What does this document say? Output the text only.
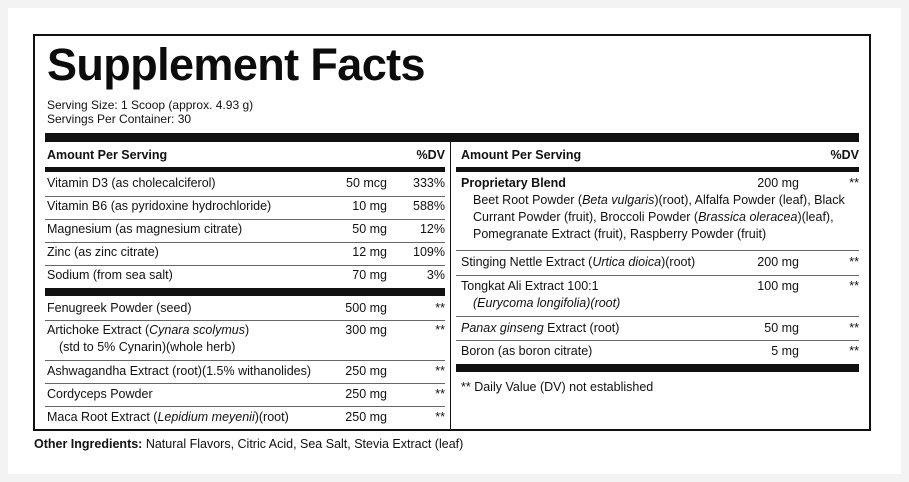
Supplement Facts
Serving Size: 1 Scoop (approx. 4.93 g)
Servings Per Container: 30
Amount Per Serving	%DV
Vitamin D3 (as cholecalciferol)	50 mcg	333%
Vitamin B6 (as pyridoxine hydrochloride)	10 mg	588%
Magnesium (as magnesium citrate)	50 mg	12%
Zinc (as zinc citrate)	12 mg	109%
Sodium (from sea salt)	70 mg	3%
Fenugreek Powder (seed)	500 mg	**
Artichoke Extract (Cynara scolymus)
(std to 5% Cynarin)(whole herb)
300 mg	**
Ashwagandha Extract (root)(1.5% withanolides)	250 mg	**
Cordyceps Powder	250 mg	**
Maca Root Extract (Lepidium meyenii)(root)	250 mg	**
Amount Per Serving	%DV
Proprietary Blend	200 mg	**
Beet Root Powder (Beta vulgaris)(root), Alfalfa Powder (leaf), Black
Currant Powder (fruit), Broccoli Powder (Brassica oleracea)(leaf),
Pomegranate Extract (fruit), Raspberry Powder (fruit)
Stinging Nettle Extract (Urtica dioica)(root)	200 mg	**
Tongkat Ali Extract 100:1
(Eurycoma longifolia)(root)
100 mg	**
Panax ginseng Extract (root)	50 mg	**
Boron (as boron citrate)	5 mg	**
** Daily Value (DV) not established
Other Ingredients: Natural Flavors, Citric Acid, Sea Salt, Stevia Extract (leaf)
